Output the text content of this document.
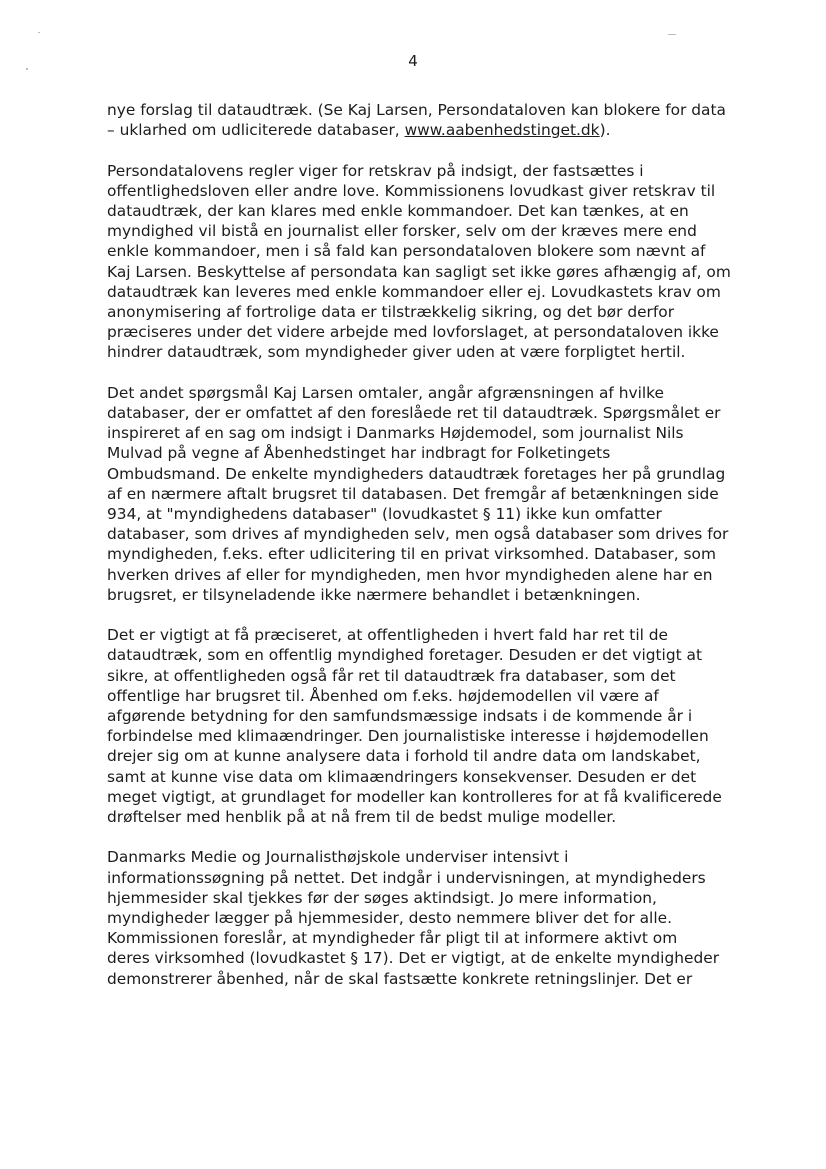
4

nye forslag til dataudtræk. (Se Kaj Larsen, Persondataloven kan blokere for data
– uklarhed om udliciterede databaser, www.aabenhedstinget.dk).

Persondatalovens regler viger for retskrav på indsigt, der fastsættes i
offentlighedsloven eller andre love. Kommissionens lovudkast giver retskrav til
dataudtræk, der kan klares med enkle kommandoer. Det kan tænkes, at en
myndighed vil bistå en journalist eller forsker, selv om der kræves mere end
enkle kommandoer, men i så fald kan persondataloven blokere som nævnt af
Kaj Larsen. Beskyttelse af persondata kan sagligt set ikke gøres afhængig af, om
dataudtræk kan leveres med enkle kommandoer eller ej. Lovudkastets krav om
anonymisering af fortrolige data er tilstrækkelig sikring, og det bør derfor
præciseres under det videre arbejde med lovforslaget, at persondataloven ikke
hindrer dataudtræk, som myndigheder giver uden at være forpligtet hertil.

Det andet spørgsmål Kaj Larsen omtaler, angår afgrænsningen af hvilke
databaser, der er omfattet af den foreslåede ret til dataudtræk. Spørgsmålet er
inspireret af en sag om indsigt i Danmarks Højdemodel, som journalist Nils
Mulvad på vegne af Åbenhedstinget har indbragt for Folketingets
Ombudsmand. De enkelte myndigheders dataudtræk foretages her på grundlag
af en nærmere aftalt brugsret til databasen. Det fremgår af betænkningen side
934, at "myndighedens databaser" (lovudkastet § 11) ikke kun omfatter
databaser, som drives af myndigheden selv, men også databaser som drives for
myndigheden, f.eks. efter udlicitering til en privat virksomhed. Databaser, som
hverken drives af eller for myndigheden, men hvor myndigheden alene har en
brugsret, er tilsyneladende ikke nærmere behandlet i betænkningen.

Det er vigtigt at få præciseret, at offentligheden i hvert fald har ret til de
dataudtræk, som en offentlig myndighed foretager. Desuden er det vigtigt at
sikre, at offentligheden også får ret til dataudtræk fra databaser, som det
offentlige har brugsret til. Åbenhed om f.eks. højdemodellen vil være af
afgørende betydning for den samfundsmæssige indsats i de kommende år i
forbindelse med klimaændringer. Den journalistiske interesse i højdemodellen
drejer sig om at kunne analysere data i forhold til andre data om landskabet,
samt at kunne vise data om klimaændringers konsekvenser. Desuden er det
meget vigtigt, at grundlaget for modeller kan kontrolleres for at få kvalificerede
drøftelser med henblik på at nå frem til de bedst mulige modeller.

Danmarks Medie og Journalisthøjskole underviser intensivt i
informationssøgning på nettet. Det indgår i undervisningen, at myndigheders
hjemmesider skal tjekkes før der søges aktindsigt. Jo mere information,
myndigheder lægger på hjemmesider, desto nemmere bliver det for alle.
Kommissionen foreslår, at myndigheder får pligt til at informere aktivt om
deres virksomhed (lovudkastet § 17). Det er vigtigt, at de enkelte myndigheder
demonstrerer åbenhed, når de skal fastsætte konkrete retningslinjer. Det er
